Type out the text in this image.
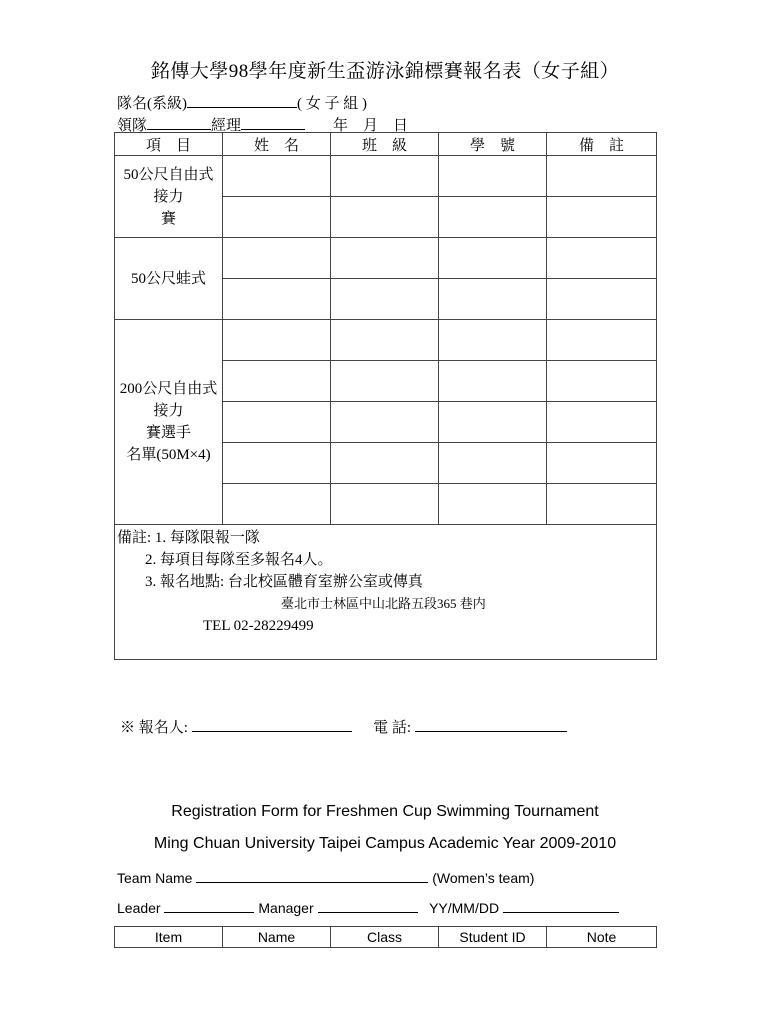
銘傳大學98學年度新生盃游泳錦標賽報名表（女子組）
隊名(系級)	( 女 子 組 )
領隊	經理	年　月　日
項　目	姓　名	班　級	學　號	備　註

50公尺自由式接力
賽				

50公尺蛙式				

200公尺自由式接力
賽選手
名單(50M×4)				

備註: 1. 每隊限報一隊
2. 每項目每隊至多報名4人。
3. 報名地點: 台北校區體育室辦公室或傳真
臺北市士林區中山北路五段365 巷内
TEL 02-28229499				
※ 報名人:	電 話:
Registration Form for Freshmen Cup Swimming Tournament
Ming Chuan University Taipei Campus Academic Year 2009-2010
Team Name	(Women’s team)
Leader	Manager	YY/MM/DD
Item	Name	Class	Student ID	Note
